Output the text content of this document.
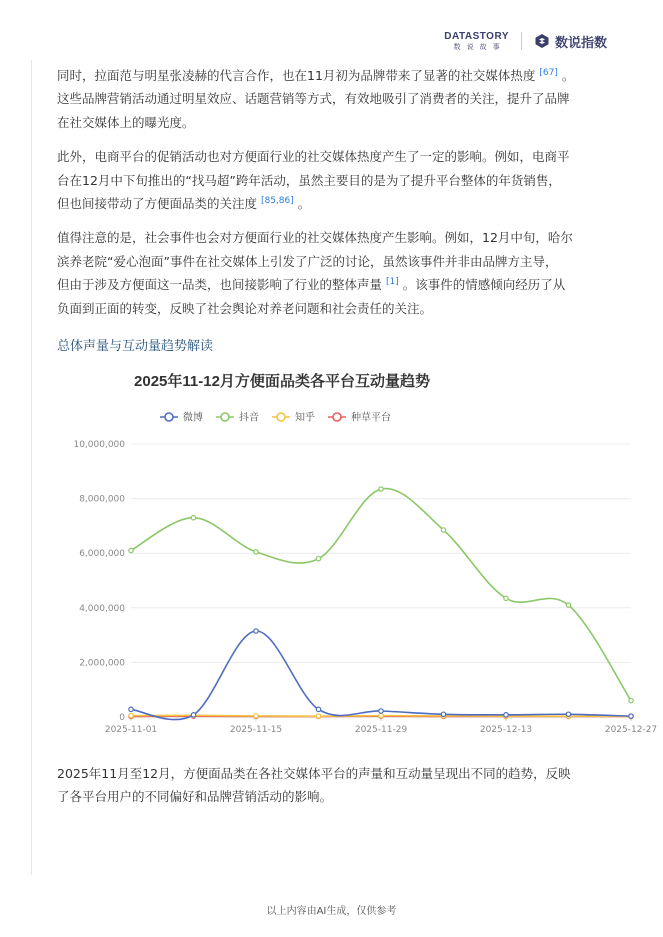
DATASTORY
数说故事	数说指数

同时，拉面范与明星张凌赫的代言合作，也在11月初为品牌带来了显著的社交媒体热度 [67] 。
这些品牌营销活动通过明星效应、话题营销等方式，有效地吸引了消费者的关注，提升了品牌
在社交媒体上的曝光度。

此外，电商平台的促销活动也对方便面行业的社交媒体热度产生了一定的影响。例如，电商平
台在12月中下旬推出的“找马超”跨年活动，虽然主要目的是为了提升平台整体的年货销售，
但也间接带动了方便面品类的关注度 [85,86] 。

值得注意的是，社会事件也会对方便面行业的社交媒体热度产生影响。例如，12月中旬，哈尔
滨养老院“爱心泡面”事件在社交媒体上引发了广泛的讨论，虽然该事件并非由品牌方主导，
但由于涉及方便面这一品类，也间接影响了行业的整体声量 [1] 。该事件的情感倾向经历了从
负面到正面的转变，反映了社会舆论对养老问题和社会责任的关注。

总体声量与互动量趋势解读
2025年11-12月方便面品类各平台互动量趋势
微博	抖音	知乎	种草平台
0
2,000,000
4,000,000
6,000,000
8,000,000
10,000,000
2025-11-01	2025-11-15	2025-11-29	2025-12-13	2025-12-27

2025年11月至12月，方便面品类在各社交媒体平台的声量和互动量呈现出不同的趋势，反映
了各平台用户的不同偏好和品牌营销活动的影响。

以上内容由AI生成，仅供参考
